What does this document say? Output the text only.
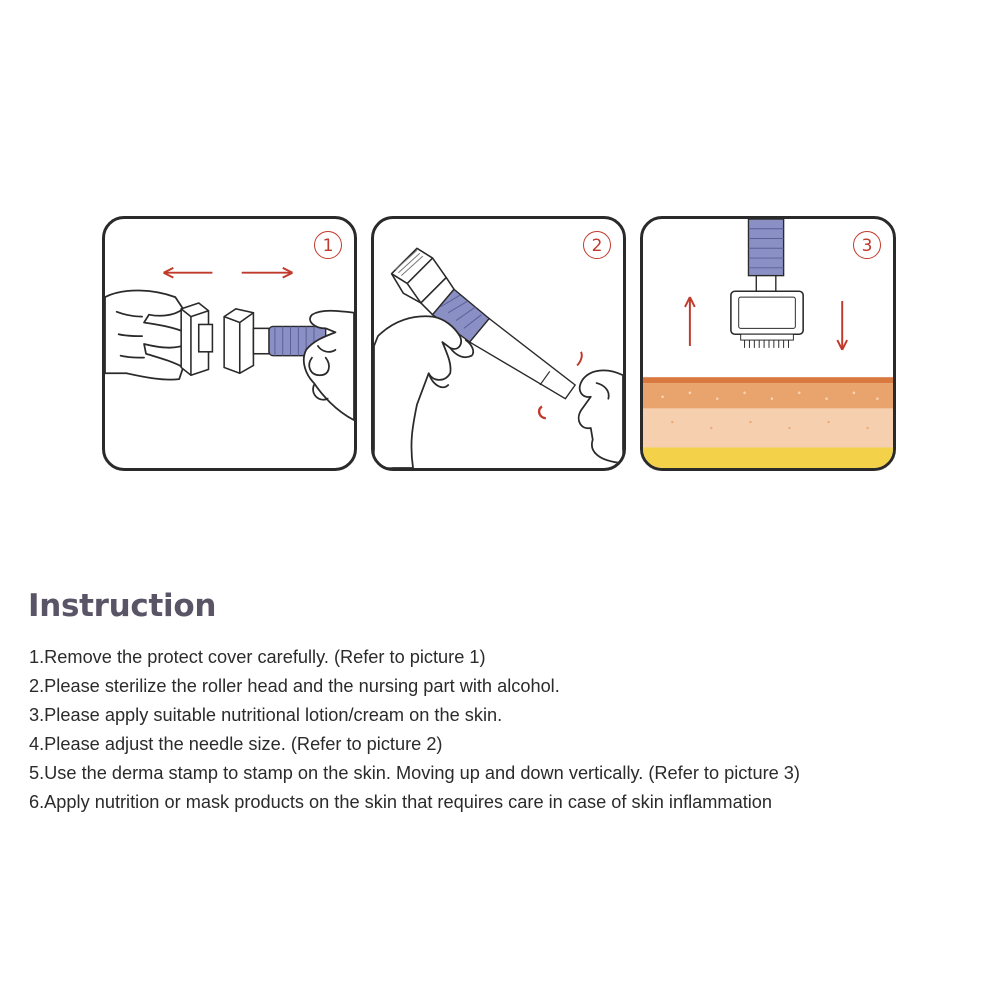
1	2	3
Instruction
1.Remove the protect cover carefully. (Refer to picture 1)
2.Please sterilize the roller head and the nursing part with alcohol.
3.Please apply suitable nutritional lotion/cream on the skin.
4.Please adjust the needle size. (Refer to picture 2)
5.Use the derma stamp to stamp on the skin. Moving up and down vertically. (Refer to picture 3)
6.Apply nutrition or mask products on the skin that requires care in case of skin inflammation
